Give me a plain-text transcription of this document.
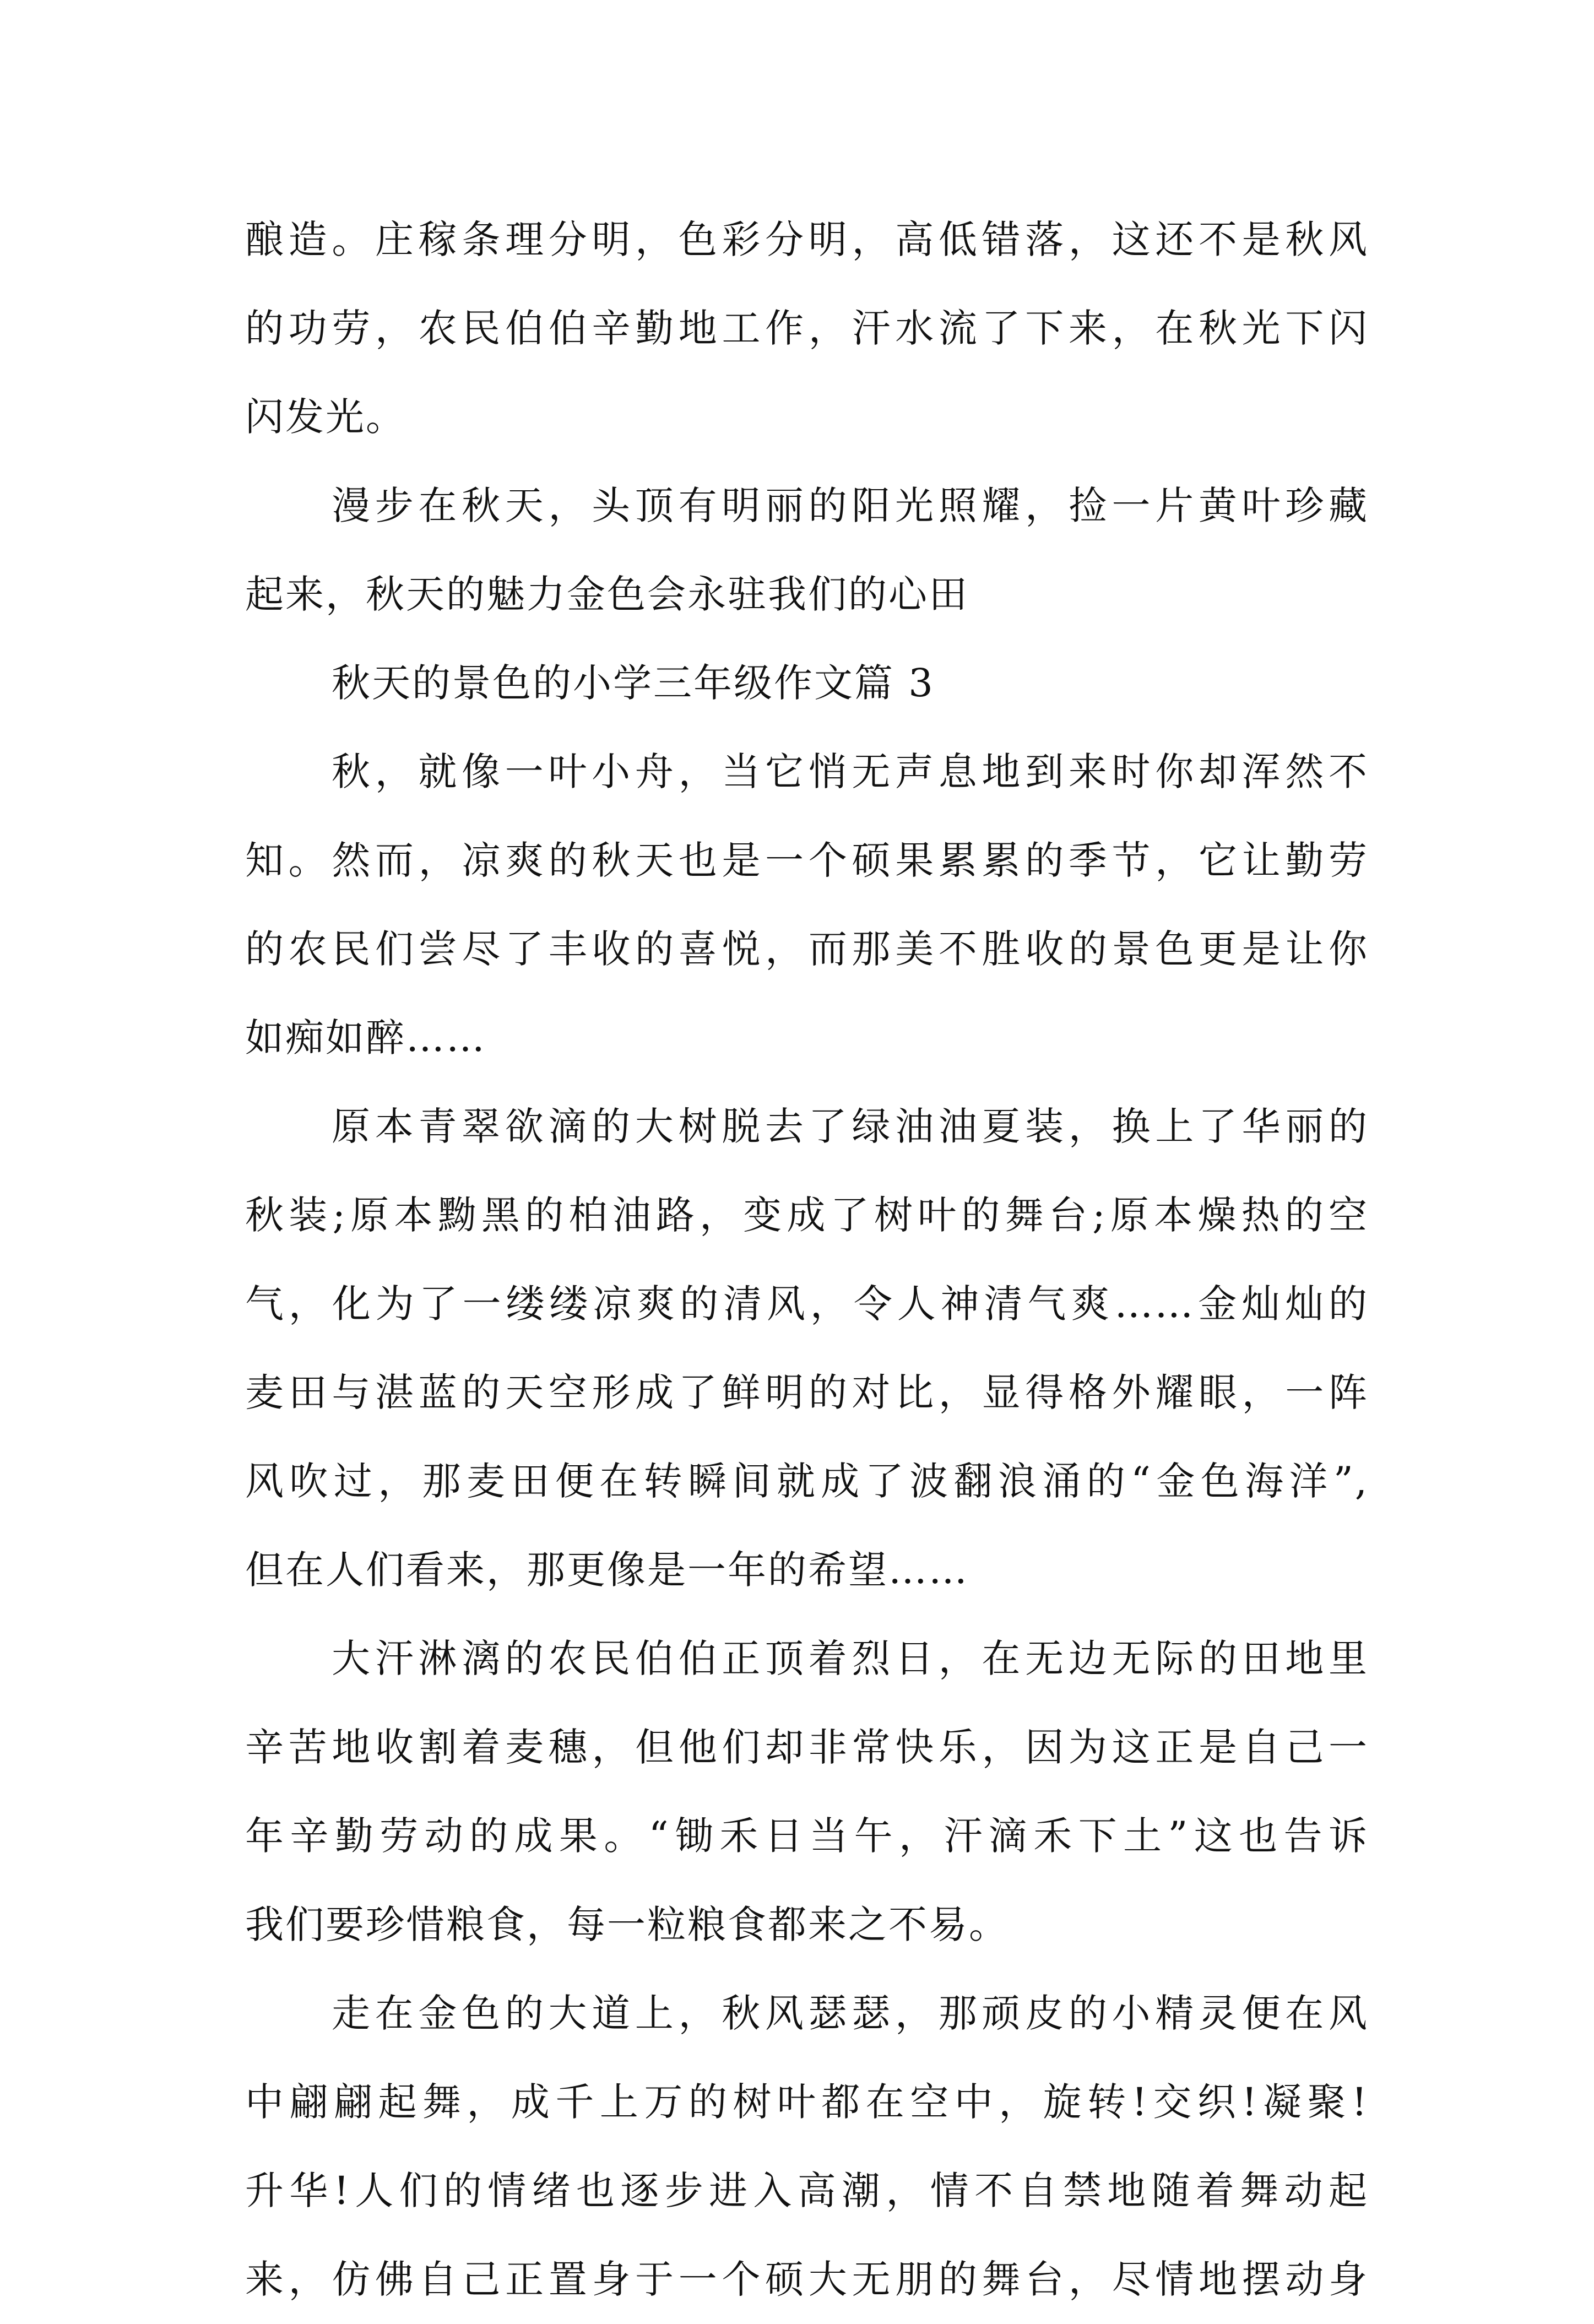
酿造。庄稼条理分明，色彩分明，高低错落，这还不是秋风
的功劳，农民伯伯辛勤地工作，汗水流了下来，在秋光下闪
闪发光。
漫步在秋天，头顶有明丽的阳光照耀，捡一片黄叶珍藏
起来，秋天的魅力金色会永驻我们的心田
秋天的景色的小学三年级作文篇 3
秋，就像一叶小舟，当它悄无声息地到来时你却浑然不
知。然而，凉爽的秋天也是一个硕果累累的季节，它让勤劳
的农民们尝尽了丰收的喜悦，而那美不胜收的景色更是让你
如痴如醉……
原本青翠欲滴的大树脱去了绿油油夏装，换上了华丽的
秋装;原本黝黑的柏油路，变成了树叶的舞台;原本燥热的空
气，化为了一缕缕凉爽的清风，令人神清气爽……金灿灿的
麦田与湛蓝的天空形成了鲜明的对比，显得格外耀眼，一阵
风吹过，那麦田便在转瞬间就成了波翻浪涌的“金色海洋”,
但在人们看来，那更像是一年的希望……
大汗淋漓的农民伯伯正顶着烈日，在无边无际的田地里
辛苦地收割着麦穗，但他们却非常快乐，因为这正是自己一
年辛勤劳动的成果。“锄禾日当午，汗滴禾下土”这也告诉
我们要珍惜粮食，每一粒粮食都来之不易。
走在金色的大道上，秋风瑟瑟，那顽皮的小精灵便在风
中翩翩起舞，成千上万的树叶都在空中，旋转!交织!凝聚!
升华!人们的情绪也逐步进入高潮，情不自禁地随着舞动起
来，仿佛自己正置身于一个硕大无朋的舞台，尽情地摆动身
